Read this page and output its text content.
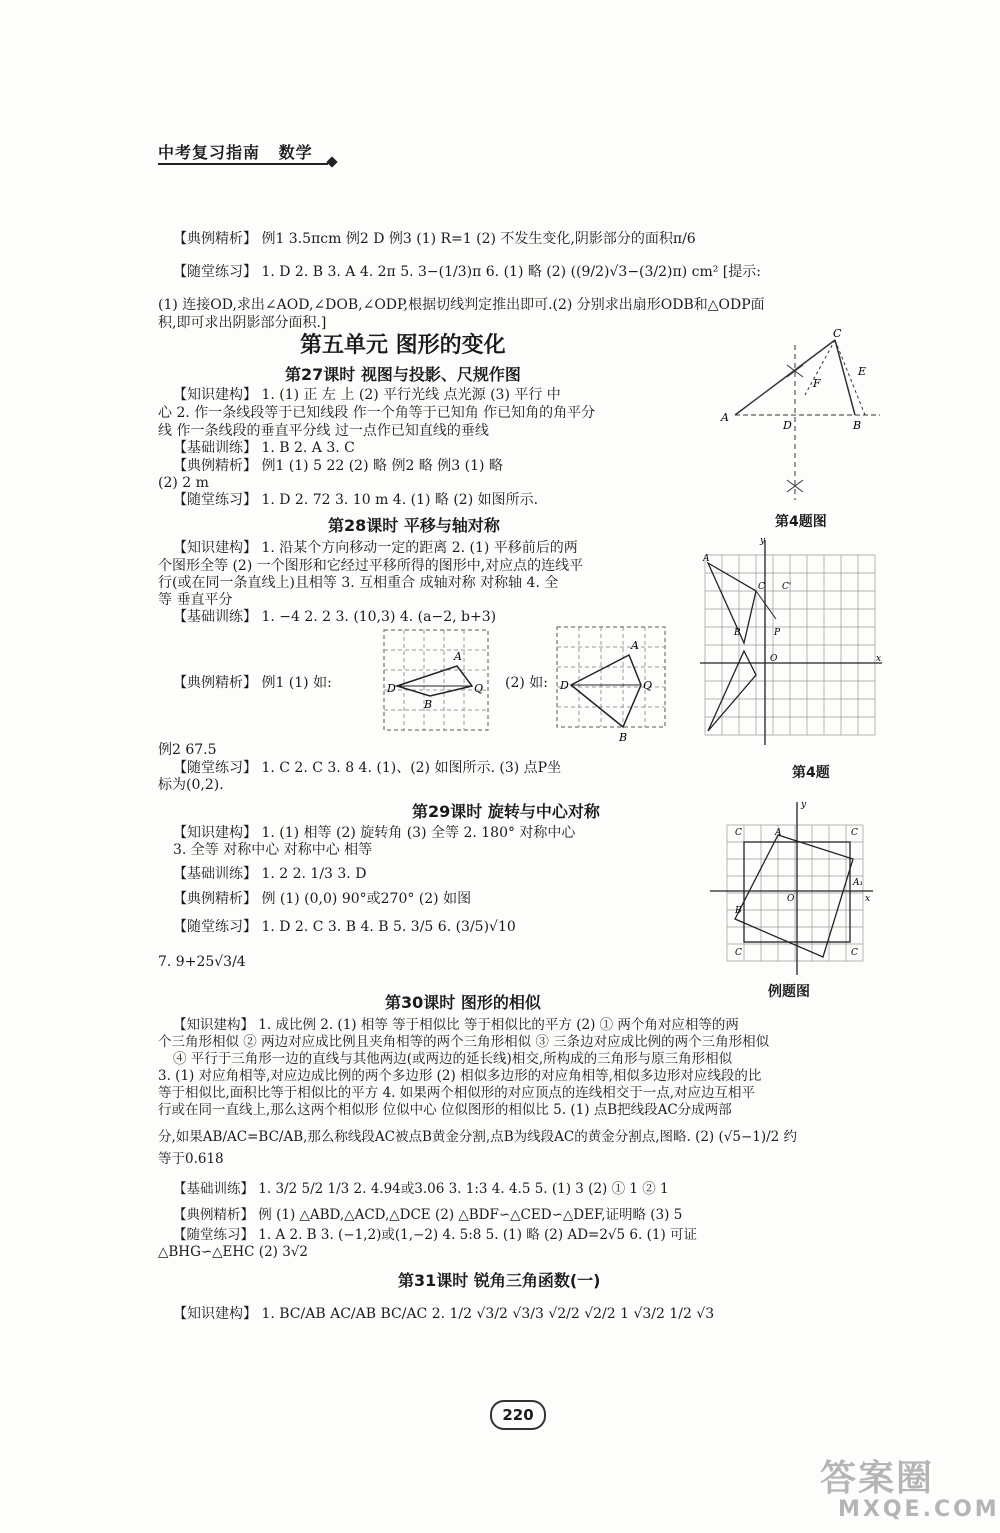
中考复习指南 数学
【典例精析】 例1 3.5πcm 例2 D 例3 (1) R=1 (2) 不发生变化,阴影部分的面积π/6
【随堂练习】 1. D 2. B 3. A 4. 2π 5. 3−(1/3)π 6. (1) 略 (2) ((9/2)√3−(3/2)π) cm² [提示:
(1) 连接OD,求出∠AOD,∠DOB,∠ODP,根据切线判定推出即可.(2) 分别求出扇形ODB和△ODP面
积,即可求出阴影部分面积.]
第五单元 图形的变化
第27课时 视图与投影、尺规作图
【知识建构】 1. (1) 正 左 上 (2) 平行光线 点光源 (3) 平行 中
心 2. 作一条线段等于已知线段 作一个角等于已知角 作已知角的角平分
线 作一条线段的垂直平分线 过一点作已知直线的垂线
【基础训练】 1. B 2. A 3. C
【典例精析】 例1 (1) 5 22 (2) 略 例2 略 例3 (1) 略
(2) 2 m
【随堂练习】 1. D 2. 72 3. 10 m 4. (1) 略 (2) 如图所示.
A
C
E
F
D	B
第4题图
第28课时 平移与轴对称
【知识建构】 1. 沿某个方向移动一定的距离 2. (1) 平移前后的两
个图形全等 (2) 一个图形和它经过平移所得的图形中,对应点的连线平
行(或在同一条直线上)且相等 3. 互相重合 成轴对称 对称轴 4. 全
等 垂直平分
【基础训练】 1. −4 2. 2 3. (10,3) 4. (a−2, b+3)
【典例精析】 例1 (1) 如:	(2) 如:
A
D	Q
B
A
D	Q
B
例2 67.5
【随堂练习】 1. C 2. C 3. 8 4. (1)、(2) 如图所示. (3) 点P坐
标为(0,2).
A
C C'
B	P
O	x
y
第4题
第29课时 旋转与中心对称
【知识建构】 1. (1) 相等 (2) 旋转角 (3) 全等 2. 180° 对称中心
3. 全等 对称中心 对称中心 相等
【基础训练】 1. 2 2. 1/3 3. D
【典例精析】 例 (1) (0,0) 90°或270° (2) 如图
【随堂练习】 1. D 2. C 3. B 4. B 5. 3/5 6. (3/5)√10
7. 9+25√3/4
A
C	C
B
O
A₁
C	C
x
y
例题图
第30课时 图形的相似
【知识建构】 1. 成比例 2. (1) 相等 等于相似比 等于相似比的平方 (2) ① 两个角对应相等的两
个三角形相似 ② 两边对应成比例且夹角相等的两个三角形相似 ③ 三条边对应成比例的两个三角形相似
④ 平行于三角形一边的直线与其他两边(或两边的延长线)相交,所构成的三角形与原三角形相似
3. (1) 对应角相等,对应边成比例的两个多边形 (2) 相似多边形的对应角相等,相似多边形对应线段的比
等于相似比,面积比等于相似比的平方 4. 如果两个相似形的对应顶点的连线相交于一点,对应边互相平
行或在同一直线上,那么这两个相似形 位似中心 位似图形的相似比 5. (1) 点B把线段AC分成两部
分,如果AB/AC=BC/AB,那么称线段AC被点B黄金分割,点B为线段AC的黄金分割点,图略. (2) (√5−1)/2 约
等于0.618
【基础训练】 1. 3/2 5/2 1/3 2. 4.94或3.06 3. 1:3 4. 4.5 5. (1) 3 (2) ① 1 ② 1
【典例精析】 例 (1) △ABD,△ACD,△DCE (2) △BDF∽△CED∽△DEF,证明略 (3) 5
【随堂练习】 1. A 2. B 3. (−1,2)或(1,−2) 4. 5:8 5. (1) 略 (2) AD=2√5 6. (1) 可证
△BHG∽△EHC (2) 3√2
第31课时 锐角三角函数(一)
【知识建构】 1. BC/AB AC/AB BC/AC 2. 1/2 √3/2 √3/3 √2/2 √2/2 1 √3/2 1/2 √3
220
答案圈
MXQE.COM
